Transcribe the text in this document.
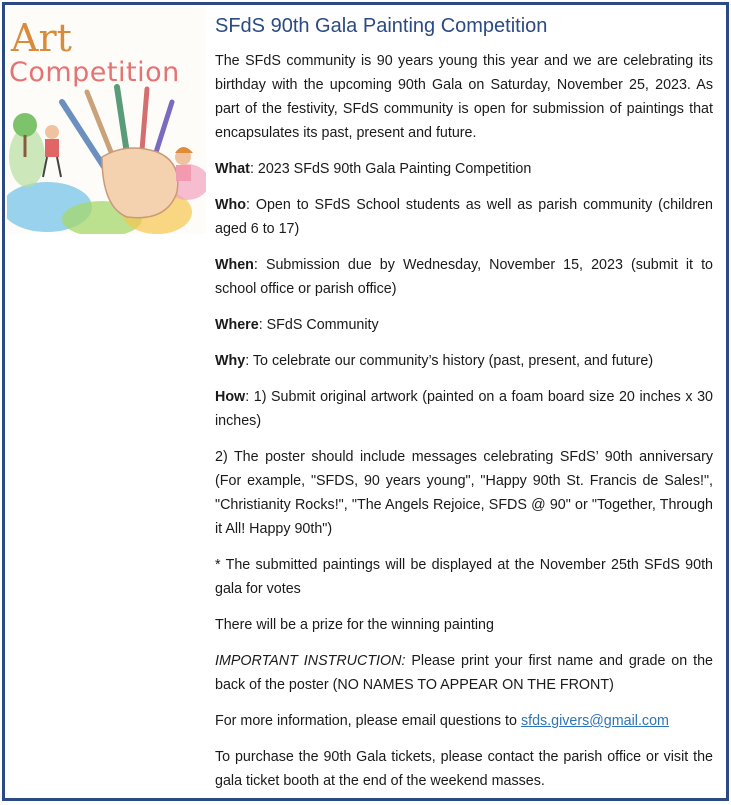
Art
Competition
SFdS 90th Gala Painting Competition

The SFdS community is 90 years young this year and we are celebrating its birthday with the upcoming 90th Gala on Saturday, November 25, 2023. As part of the festivity, SFdS community is open for submission of paintings that encapsulates its past, present and future.

What: 2023 SFdS 90th Gala Painting Competition

Who: Open to SFdS School students as well as parish community (children aged 6 to 17)

When: Submission due by Wednesday, November 15, 2023 (submit it to school office or parish office)

Where: SFdS Community

Why: To celebrate our community’s history (past, present, and future)

How: 1) Submit original artwork (painted on a foam board size 20 inches x 30 inches)

2) The poster should include messages celebrating SFdS’ 90th anniversary (For example, "SFDS, 90 years young", "Happy 90th St. Francis de Sales!", "Christianity Rocks!", "The Angels Rejoice, SFDS @ 90" or "Together, Through it All! Happy 90th")

* The submitted paintings will be displayed at the November 25th SFdS 90th gala for votes

There will be a prize for the winning painting

IMPORTANT INSTRUCTION: Please print your first name and grade on the back of the poster (NO NAMES TO APPEAR ON THE FRONT)

For more information, please email questions to sfds.givers@gmail.com

To purchase the 90th Gala tickets, please contact the parish office or visit the gala ticket booth at the end of the weekend masses.
